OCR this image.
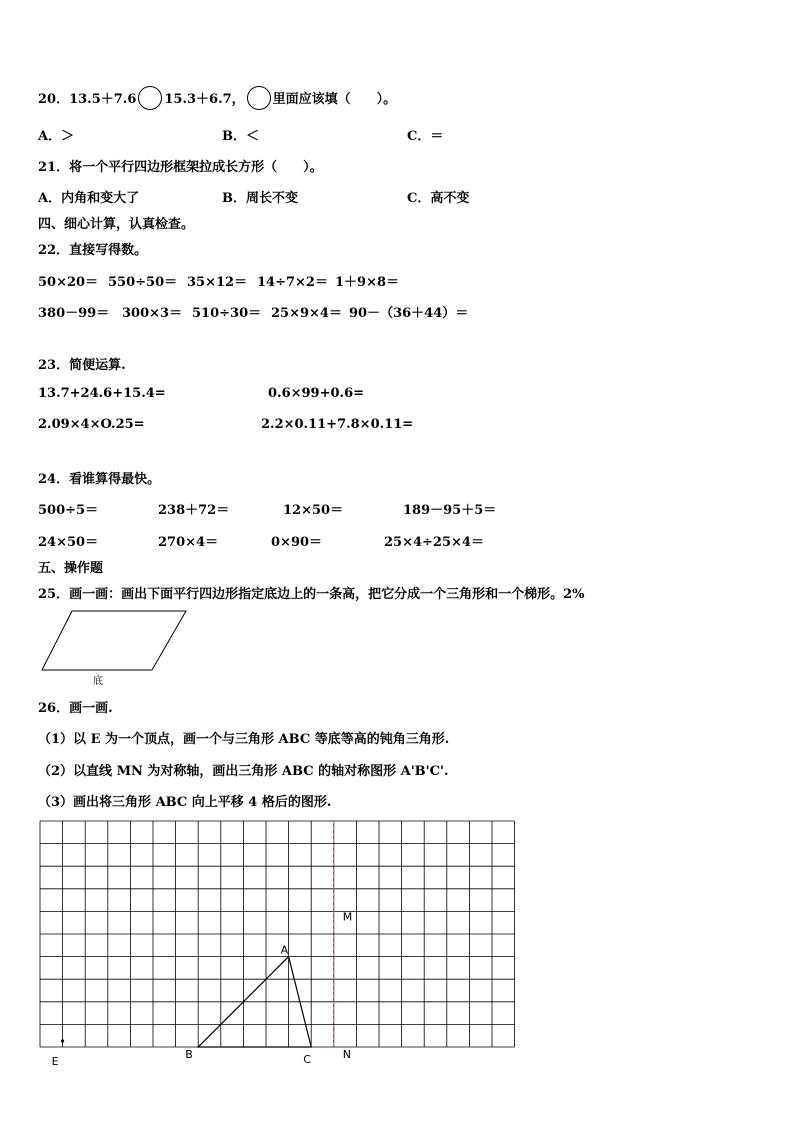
20．13.5＋7.6 15.3＋6.7， 里面应该填（　　）。
A．＞	B．＜	C．＝
21．将一个平行四边形框架拉成长方形（　　）。
A．内角和变大了	B．周长不变	C．高不变
四、细心计算，认真检查。
22．直接写得数。
50×20＝ 550÷50＝ 35×12＝ 14÷7×2＝ 1＋9×8＝
380－99＝ 300×3＝ 510÷30＝ 25×9×4＝ 90－（36＋44）＝
23．简便运算.
13.7+24.6+15.4=	0.6×99+0.6=
2.09×4×O.25=	2.2×0.11+7.8×0.11=
24．看谁算得最快。
500÷5＝	238＋72＝	12×50＝	189－95＋5＝
24×50＝	270×4＝	0×90＝	25×4÷25×4＝
五、操作题
25．画一画：画出下面平行四边形指定底边上的一条高，把它分成一个三角形和一个梯形。2%
底
26．画一画.
（1）以 E 为一个顶点，画一个与三角形 ABC 等底等高的钝角三角形.
（2）以直线 MN 为对称轴，画出三角形 ABC 的轴对称图形 A'B'C'.
（3）画出将三角形 ABC 向上平移 4 格后的图形.
A
B	C
M
N
E
